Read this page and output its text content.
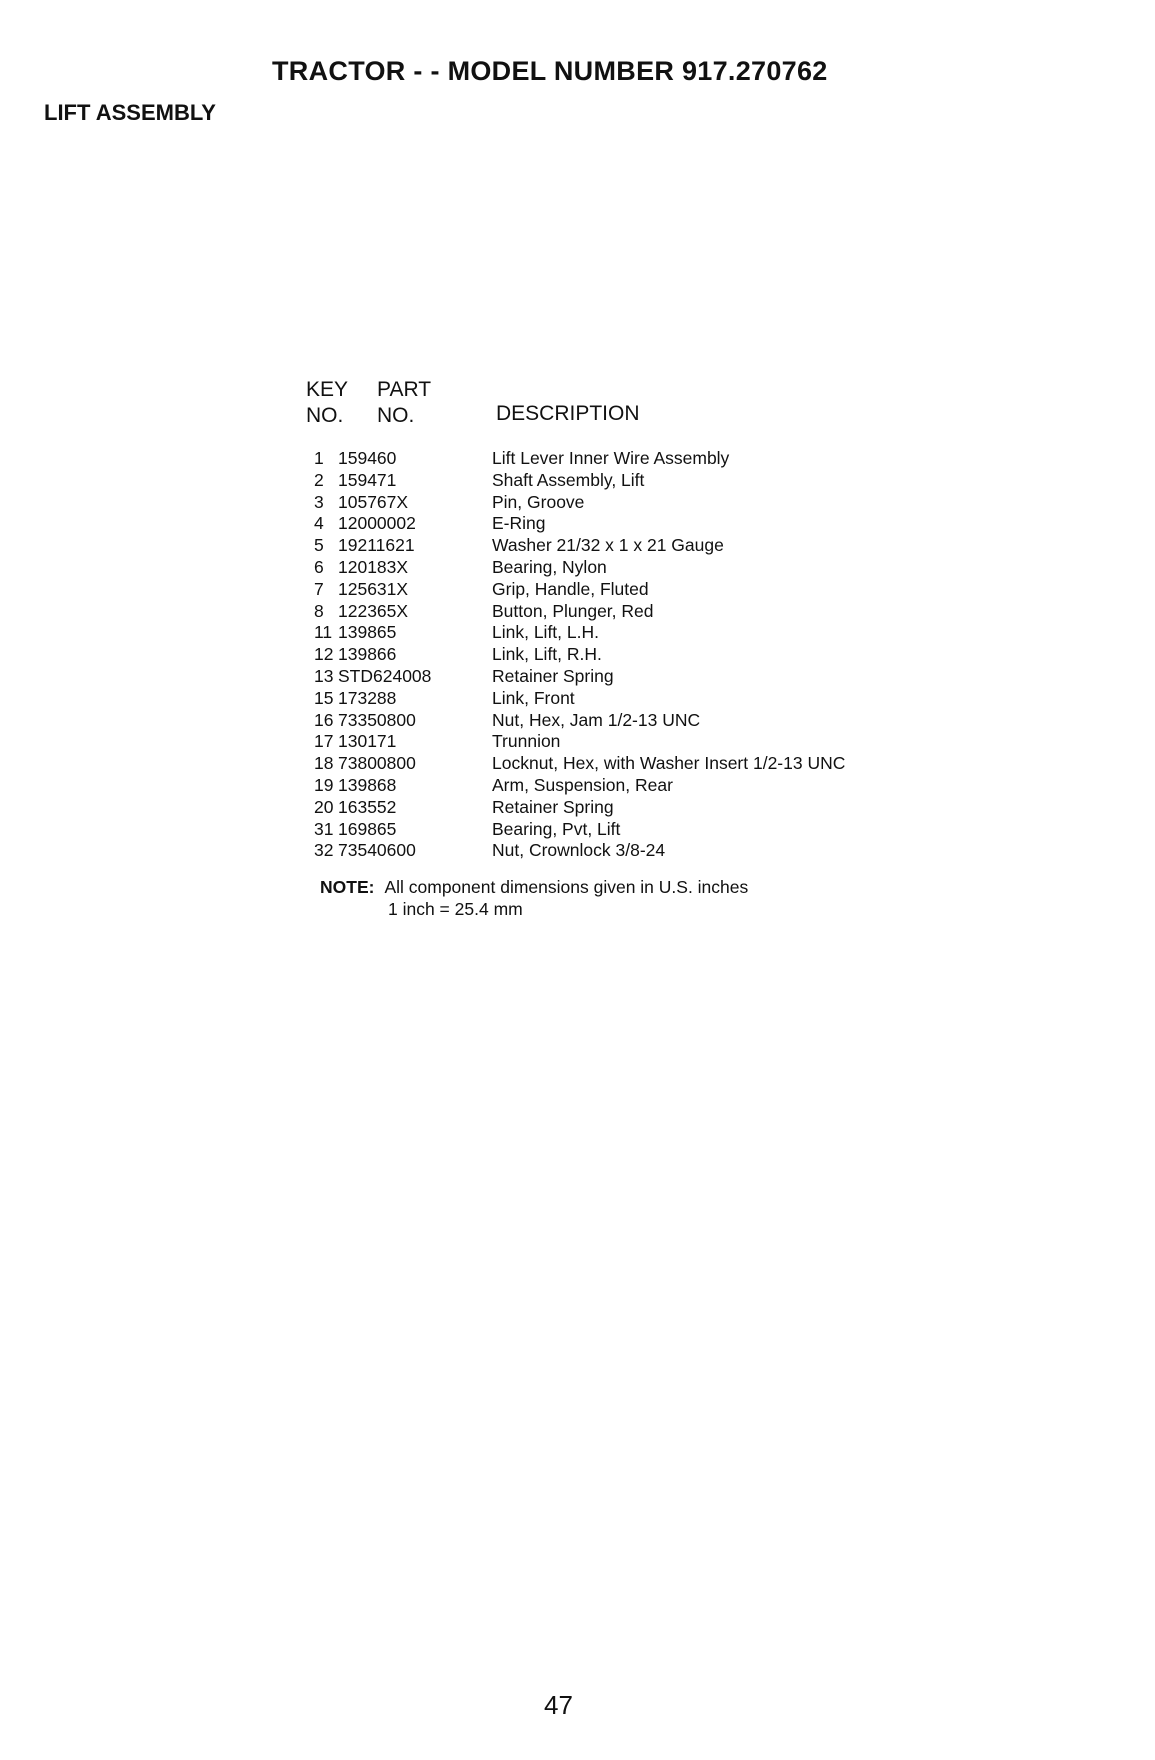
TRACTOR - - MODEL NUMBER 917.270762
LIFT ASSEMBLY
KEY
NO.
PART
NO.	DESCRIPTION
1 159460	Lift Lever Inner Wire Assembly
2 159471	Shaft Assembly, Lift
3 105767X	Pin, Groove
4 12000002	E-Ring
5 19211621	Washer 21/32 x 1 x 21 Gauge
6 120183X	Bearing, Nylon
7 125631X	Grip, Handle, Fluted
8 122365X	Button, Plunger, Red
11 139865	Link, Lift, L.H.
12 139866	Link, Lift, R.H.
13 STD624008	Retainer Spring
15 173288	Link, Front
16 73350800	Nut, Hex, Jam 1/2-13 UNC
17 130171	Trunnion
18 73800800	Locknut, Hex, with Washer Insert 1/2-13 UNC
19 139868	Arm, Suspension, Rear
20 163552	Retainer Spring
31 169865	Bearing, Pvt, Lift
32 73540600	Nut, Crownlock 3/8-24
NOTE: All component dimensions given in U.S. inches
1 inch = 25.4 mm
47
